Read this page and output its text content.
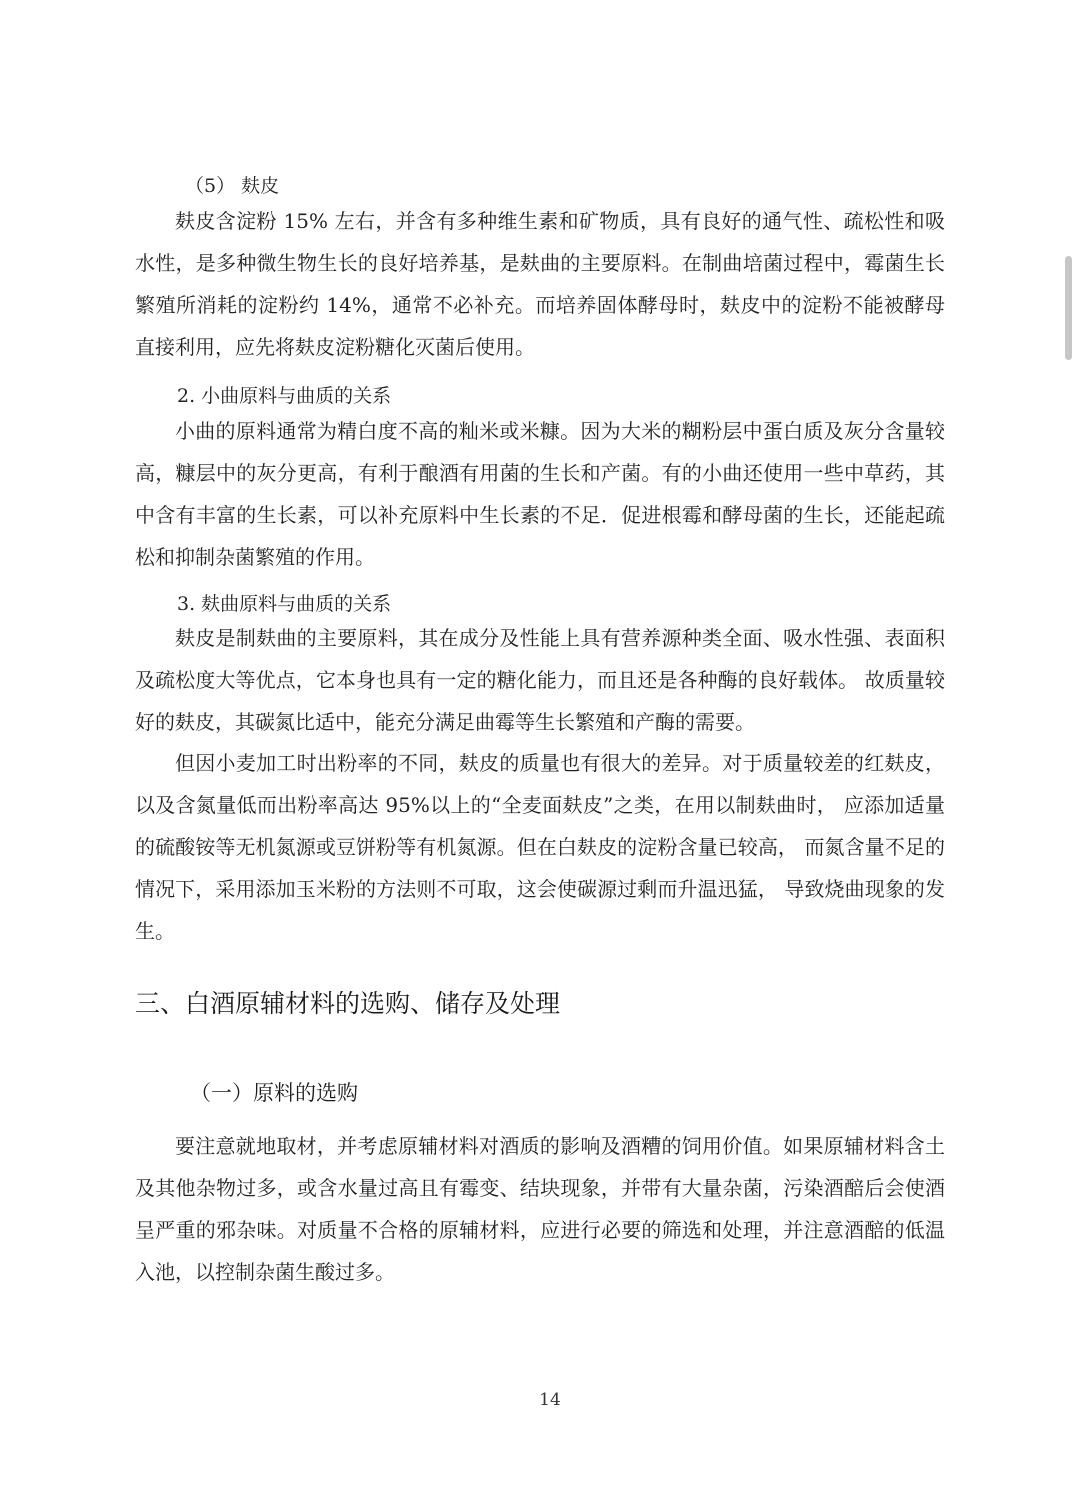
（5） 麸皮

麸皮含淀粉 15% 左右，并含有多种维生素和矿物质，具有良好的通气性、疏松性和吸水性，是多种微生物生长的良好培养基，是麸曲的主要原料。在制曲培菌过程中，霉菌生长繁殖所消耗的淀粉约 14%，通常不必补充。而培养固体酵母时，麸皮中的淀粉不能被酵母直接利用，应先将麸皮淀粉糖化灭菌后使用。

2. 小曲原料与曲质的关系

小曲的原料通常为精白度不高的籼米或米糠。因为大米的糊粉层中蛋白质及灰分含量较高，糠层中的灰分更高，有利于酿酒有用菌的生长和产菌。有的小曲还使用一些中草药，其中含有丰富的生长素，可以补充原料中生长素的不足．促进根霉和酵母菌的生长，还能起疏松和抑制杂菌繁殖的作用。

3. 麸曲原料与曲质的关系

麸皮是制麸曲的主要原料，其在成分及性能上具有营养源种类全面、吸水性强、表面积及疏松度大等优点，它本身也具有一定的糖化能力，而且还是各种酶的良好载体。 故质量较好的麸皮，其碳氮比适中，能充分满足曲霉等生长繁殖和产酶的需要。

但因小麦加工时出粉率的不同，麸皮的质量也有很大的差异。对于质量较差的红麸皮，以及含氮量低而出粉率高达 95%以上的“全麦面麸皮”之类，在用以制麸曲时， 应添加适量的硫酸铵等无机氮源或豆饼粉等有机氮源。但在白麸皮的淀粉含量已较高， 而氮含量不足的情况下，采用添加玉米粉的方法则不可取，这会使碳源过剩而升温迅猛， 导致烧曲现象的发生。

三、白酒原辅材料的选购、储存及处理

（一）原料的选购

要注意就地取材，并考虑原辅材料对酒质的影响及酒糟的饲用价值。如果原辅材料含土及其他杂物过多，或含水量过高且有霉变、结块现象，并带有大量杂菌，污染酒醅后会使酒呈严重的邪杂味。对质量不合格的原辅材料，应进行必要的筛选和处理，并注意酒醅的低温入池，以控制杂菌生酸过多。

14
